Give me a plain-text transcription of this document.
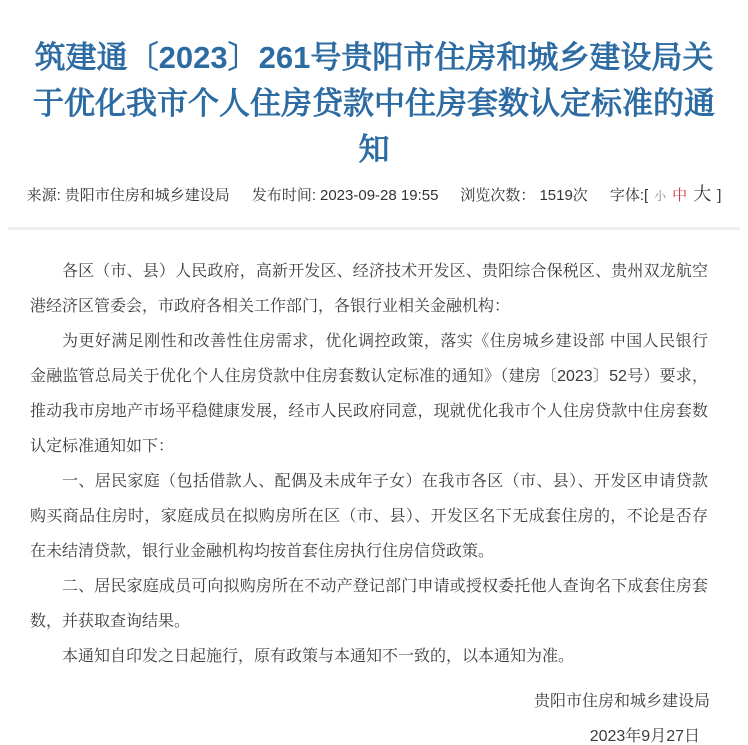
筑建通〔2023〕261号贵阳市住房和城乡建设局关于优化我市个人住房贷款中住房套数认定标准的通知
来源: 贵阳市住房和城乡建设局 发布时间: 2023-09-28 19:55 浏览次数： 1519次 字体:[ 小 中 大 ]

各区（市、县）人民政府，高新开发区、经济技术开发区、贵阳综合保税区、贵州双龙航空港经济区管委会，市政府各相关工作部门，各银行业相关金融机构：

为更好满足刚性和改善性住房需求，优化调控政策，落实《住房城乡建设部 中国人民银行 金融监管总局关于优化个人住房贷款中住房套数认定标准的通知》（建房〔2023〕52号）要求，推动我市房地产市场平稳健康发展，经市人民政府同意，现就优化我市个人住房贷款中住房套数认定标准通知如下：

一、居民家庭（包括借款人、配偶及未成年子女）在我市各区（市、县）、开发区申请贷款购买商品住房时，家庭成员在拟购房所在区（市、县）、开发区名下无成套住房的，不论是否存在未结清贷款，银行业金融机构均按首套住房执行住房信贷政策。

二、居民家庭成员可向拟购房所在不动产登记部门申请或授权委托他人查询名下成套住房套数，并获取查询结果。

本通知自印发之日起施行，原有政策与本通知不一致的，以本通知为准。

贵阳市住房和城乡建设局
2023年9月27日
